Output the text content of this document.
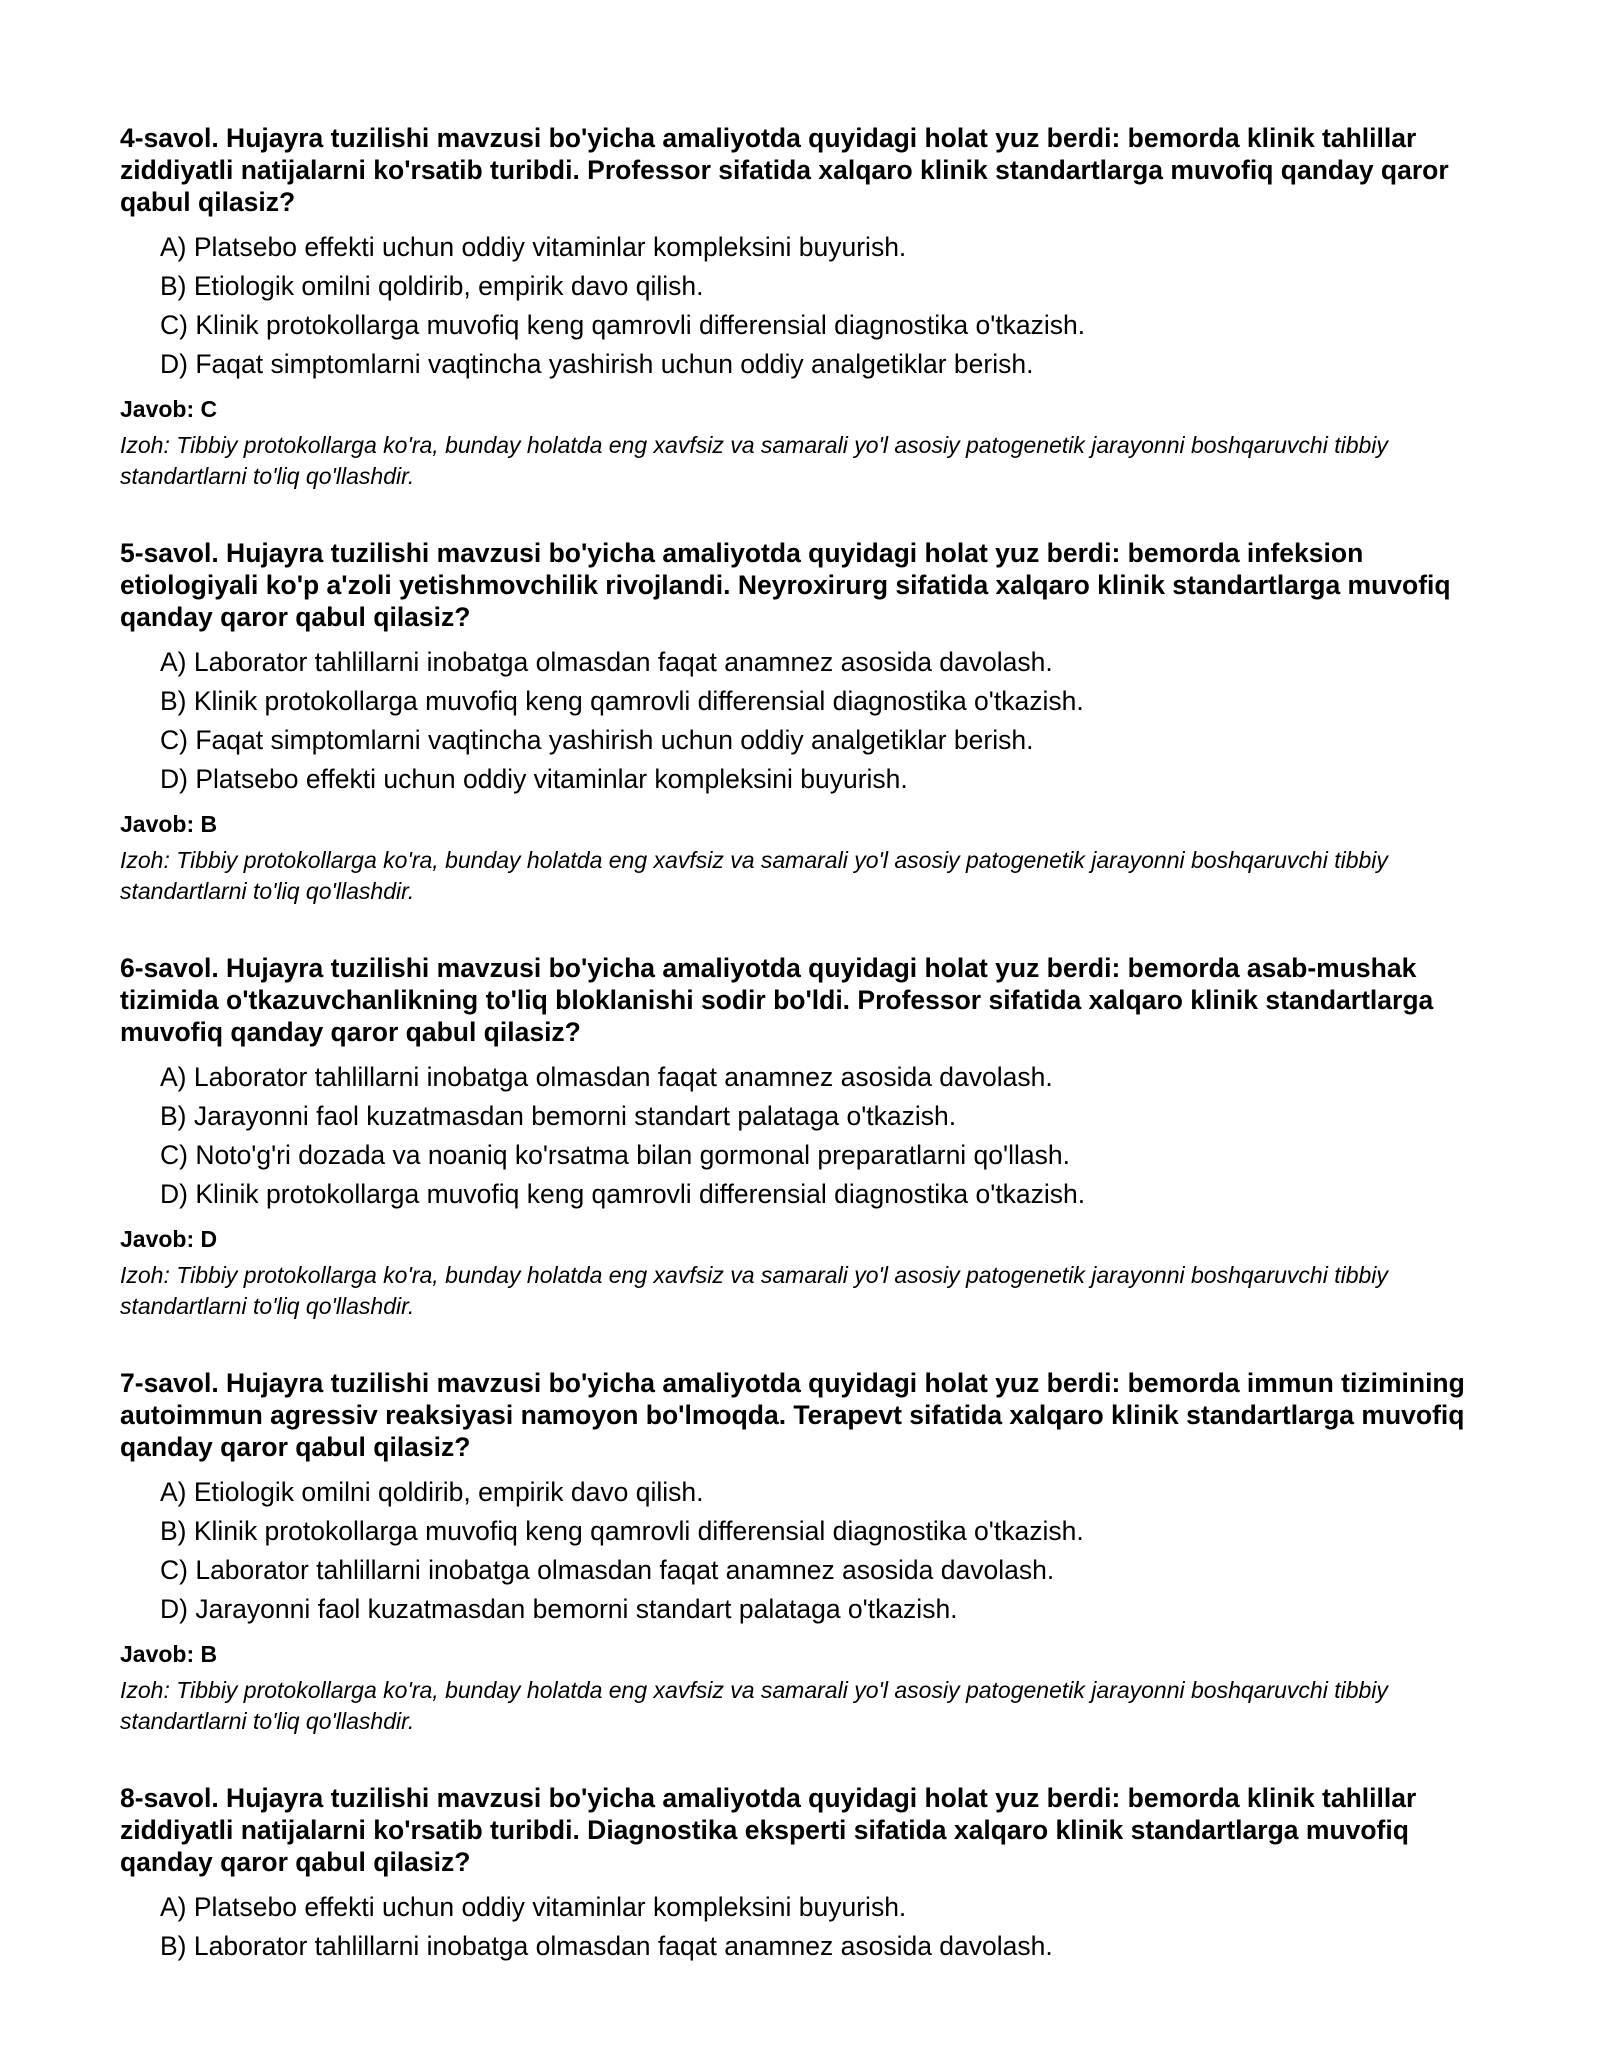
4-savol. Hujayra tuzilishi mavzusi bo'yicha amaliyotda quyidagi holat yuz berdi: bemorda klinik tahlillar ziddiyatli natijalarni ko'rsatib turibdi. Professor sifatida xalqaro klinik standartlarga muvofiq qanday qaror qabul qilasiz?
A) Platsebo effekti uchun oddiy vitaminlar kompleksini buyurish.
B) Etiologik omilni qoldirib, empirik davo qilish.
C) Klinik protokollarga muvofiq keng qamrovli differensial diagnostika o'tkazish.
D) Faqat simptomlarni vaqtincha yashirish uchun oddiy analgetiklar berish.
Javob: C

Izoh: Tibbiy protokollarga ko'ra, bunday holatda eng xavfsiz va samarali yo'l asosiy patogenetik jarayonni boshqaruvchi tibbiy standartlarni to'liq qo'llashdir.

5-savol. Hujayra tuzilishi mavzusi bo'yicha amaliyotda quyidagi holat yuz berdi: bemorda infeksion etiologiyali ko'p a'zoli yetishmovchilik rivojlandi. Neyroxirurg sifatida xalqaro klinik standartlarga muvofiq qanday qaror qabul qilasiz?
A) Laborator tahlillarni inobatga olmasdan faqat anamnez asosida davolash.
B) Klinik protokollarga muvofiq keng qamrovli differensial diagnostika o'tkazish.
C) Faqat simptomlarni vaqtincha yashirish uchun oddiy analgetiklar berish.
D) Platsebo effekti uchun oddiy vitaminlar kompleksini buyurish.
Javob: B

Izoh: Tibbiy protokollarga ko'ra, bunday holatda eng xavfsiz va samarali yo'l asosiy patogenetik jarayonni boshqaruvchi tibbiy standartlarni to'liq qo'llashdir.

6-savol. Hujayra tuzilishi mavzusi bo'yicha amaliyotda quyidagi holat yuz berdi: bemorda asab-mushak tizimida o'tkazuvchanlikning to'liq bloklanishi sodir bo'ldi. Professor sifatida xalqaro klinik standartlarga muvofiq qanday qaror qabul qilasiz?
A) Laborator tahlillarni inobatga olmasdan faqat anamnez asosida davolash.
B) Jarayonni faol kuzatmasdan bemorni standart palataga o'tkazish.
C) Noto'g'ri dozada va noaniq ko'rsatma bilan gormonal preparatlarni qo'llash.
D) Klinik protokollarga muvofiq keng qamrovli differensial diagnostika o'tkazish.
Javob: D

Izoh: Tibbiy protokollarga ko'ra, bunday holatda eng xavfsiz va samarali yo'l asosiy patogenetik jarayonni boshqaruvchi tibbiy standartlarni to'liq qo'llashdir.

7-savol. Hujayra tuzilishi mavzusi bo'yicha amaliyotda quyidagi holat yuz berdi: bemorda immun tizimining autoimmun agressiv reaksiyasi namoyon bo'lmoqda. Terapevt sifatida xalqaro klinik standartlarga muvofiq qanday qaror qabul qilasiz?
A) Etiologik omilni qoldirib, empirik davo qilish.
B) Klinik protokollarga muvofiq keng qamrovli differensial diagnostika o'tkazish.
C) Laborator tahlillarni inobatga olmasdan faqat anamnez asosida davolash.
D) Jarayonni faol kuzatmasdan bemorni standart palataga o'tkazish.
Javob: B

Izoh: Tibbiy protokollarga ko'ra, bunday holatda eng xavfsiz va samarali yo'l asosiy patogenetik jarayonni boshqaruvchi tibbiy standartlarni to'liq qo'llashdir.

8-savol. Hujayra tuzilishi mavzusi bo'yicha amaliyotda quyidagi holat yuz berdi: bemorda klinik tahlillar ziddiyatli natijalarni ko'rsatib turibdi. Diagnostika eksperti sifatida xalqaro klinik standartlarga muvofiq qanday qaror qabul qilasiz?
A) Platsebo effekti uchun oddiy vitaminlar kompleksini buyurish.
B) Laborator tahlillarni inobatga olmasdan faqat anamnez asosida davolash.
